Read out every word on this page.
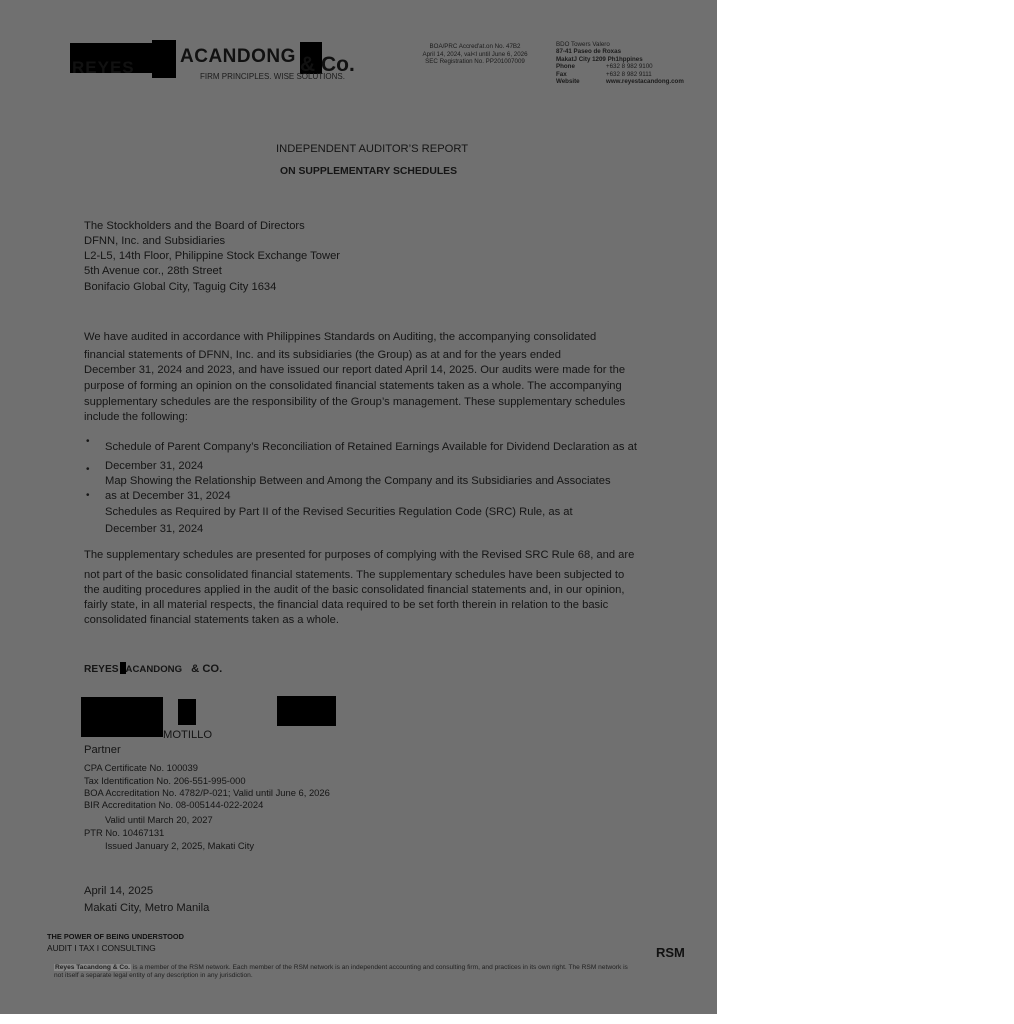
REYES
ACANDONG & Co.
FIRM PRINCIPLES. WISE SOLUTIONS.
BOA/PRC Accred'at.on No. 47B2
April 14, 2024, val<l until June 6, 2026
SEC Registration No. PP201007009
BDO Towers Valero
87-41 Paseo de Roxas
MakatJ City 1209 Ph1hppines
Phone	+632 8 982 9100
Fax	+632 8 982 9111
Website	www.reyestacandong.com
INDEPENDENT AUDITOR’S REPORT
ON SUPPLEMENTARY SCHEDULES
The Stockholders and the Board of Directors
DFNN, Inc. and Subsidiaries
L2-L5, 14th Floor, Philippine Stock Exchange Tower
5th Avenue cor., 28th Street
Bonifacio Global City, Taguig City 1634
We have audited in accordance with Philippines Standards on Auditing, the accompanying consolidated
financial statements of DFNN, Inc. and its subsidiaries (the Group) as at and for the years ended
December 31, 2024 and 2023, and have issued our report dated April 14, 2025. Our audits were made for the
purpose of forming an opinion on the consolidated financial statements taken as a whole. The accompanying
supplementary schedules are the responsibility of the Group’s management. These supplementary schedules
include the following:
•
•
•
Schedule of Parent Company’s Reconciliation of Retained Earnings Available for Dividend Declaration as at
December 31, 2024
Map Showing the Relationship Between and Among the Company and its Subsidiaries and Associates
as at December 31, 2024
Schedules as Required by Part II of the Revised Securities Regulation Code (SRC) Rule, as at
December 31, 2024
The supplementary schedules are presented for purposes of complying with the Revised SRC Rule 68, and are
not part of the basic consolidated financial statements. The supplementary schedules have been subjected to
the auditing procedures applied in the audit of the basic consolidated financial statements and, in our opinion,
fairly state, in all material respects, the financial data required to be set forth therein in relation to the basic
consolidated financial statements taken as a whole.
REYES ACANDONG & CO.
MOTILLO
Partner
CPA Certificate No. 100039
Tax Identification No. 206-551-995-000
BOA Accreditation No. 4782/P-021; Valid until June 6, 2026
BIR Accreditation No. 08-005144-022-2024
Valid until March 20, 2027
PTR No. 10467131
Issued January 2, 2025, Makati City
April 14, 2025
Makati City, Metro Manila
THE POWER OF BEING UNDERSTOOD
AUDIT I TAX I CONSULTING	RSM
Reyes Tacandong & Co. is a member of the RSM network. Each member of the RSM network is an independent accounting and consulting firm, and practices in its own right. The RSM network is
not itself a separate legal entity of any description in any jurisdiction.
